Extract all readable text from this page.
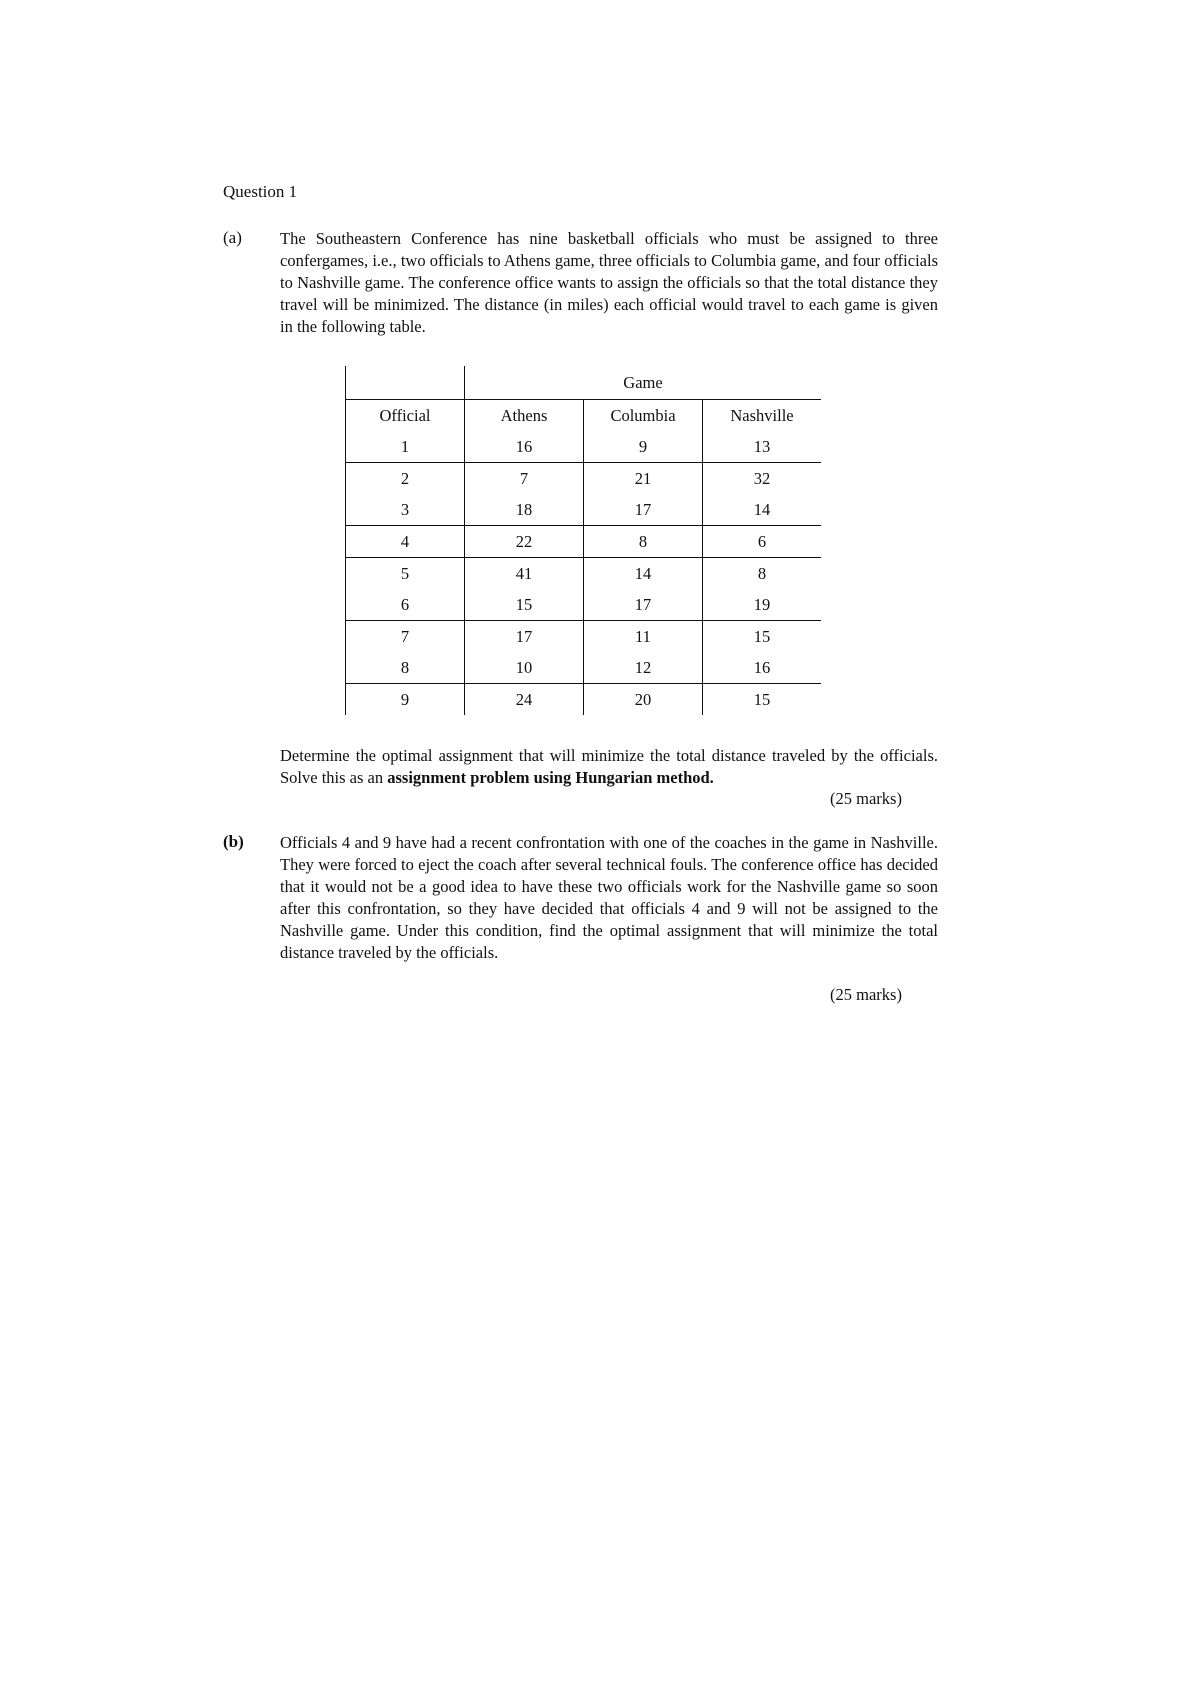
Question 1
(a) The Southeastern Conference has nine basketball officials who must be assigned to three confergames, i.e., two officials to Athens game, three officials to Columbia game, and four officials to Nashville game. The conference office wants to assign the officials so that the total distance they travel will be minimized. The distance (in miles) each official would travel to each game is given in the following table.
	Game		
Official	Athens	Columbia	Nashville
1	16	9	13
2	7	21	32
3	18	17	14
4	22	8	6
5	41	14	8
6	15	17	19
7	17	11	15
8	10	12	16
9	24	20	15
Determine the optimal assignment that will minimize the total distance traveled by the officials. Solve this as an assignment problem using Hungarian method.
(25 marks)
(b) Officials 4 and 9 have had a recent confrontation with one of the coaches in the game in Nashville. They were forced to eject the coach after several technical fouls. The conference office has decided that it would not be a good idea to have these two officials work for the Nashville game so soon after this confrontation, so they have decided that officials 4 and 9 will not be assigned to the Nashville game. Under this condition, find the optimal assignment that will minimize the total distance traveled by the officials.
(25 marks)
